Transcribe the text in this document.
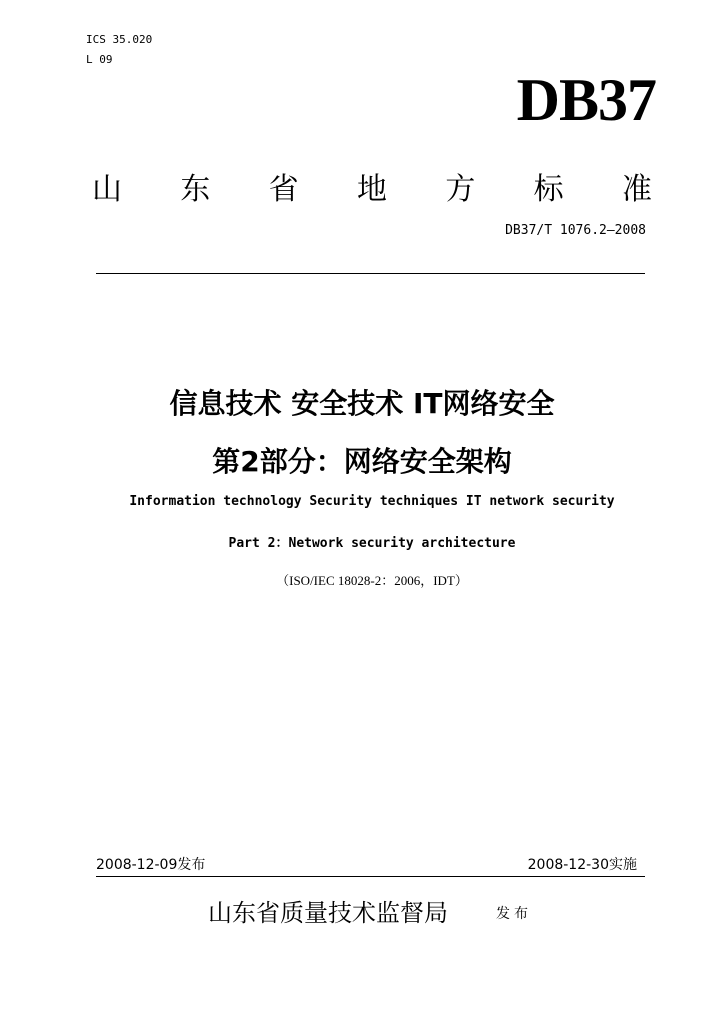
ICS 35.020
L 09
DB37
山 东 省 地 方 标 准
DB37/T 1076.2—2008
信息技术 安全技术 IT网络安全
第2部分：网络安全架构
Information technology Security techniques IT network security
Part 2：Network security architecture
（ISO/IEC 18028-2：2006，IDT）
2008-12-09发布	2008-12-30实施
山东省质量技术监督局	发布
